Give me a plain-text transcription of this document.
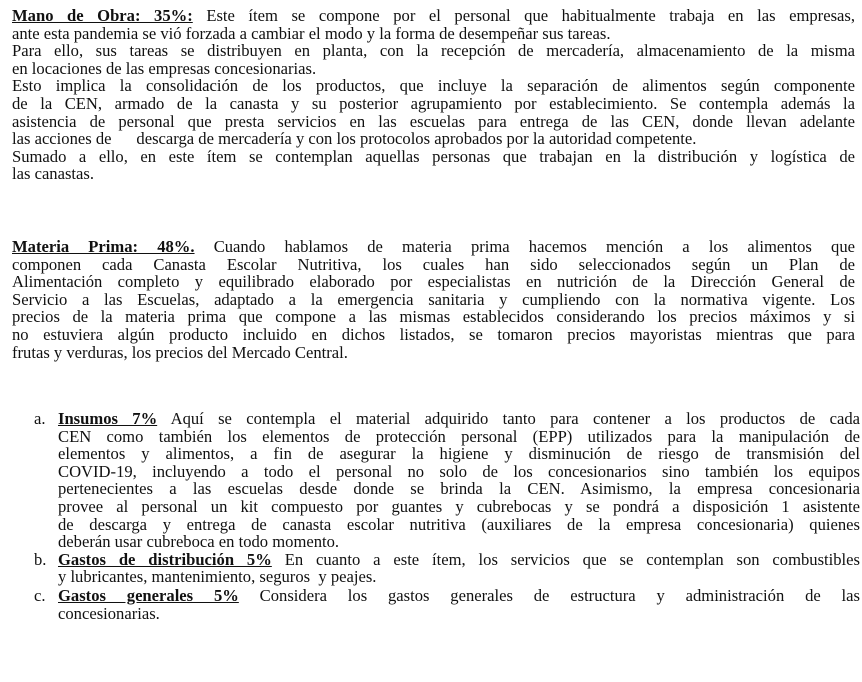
Mano de Obra: 35%: Este ítem se compone por el personal que habitualmente trabaja en las empresas,
ante esta pandemia se vió forzada a cambiar el modo y la forma de desempeñar sus tareas.
Para ello, sus tareas se distribuyen en planta, con la recepción de mercadería, almacenamiento de la misma
en locaciones de las empresas concesionarias.
Esto implica la consolidación de los productos, que incluye la separación de alimentos según componente
de la CEN, armado de la canasta y su posterior agrupamiento por establecimiento. Se contempla además la
asistencia de personal que presta servicios en las escuelas para entrega de las CEN, donde llevan adelante
las acciones de      descarga de mercadería y con los protocolos aprobados por la autoridad competente.
Sumado a ello, en este ítem se contemplan aquellas personas que trabajan en la distribución y logística de
las canastas.
Materia Prima: 48%. Cuando hablamos de materia prima hacemos mención a los alimentos que
componen cada Canasta Escolar Nutritiva, los cuales han sido seleccionados según un Plan de
Alimentación completo y equilibrado elaborado por especialistas en nutrición de la Dirección General de
Servicio a las Escuelas, adaptado a la emergencia sanitaria y cumpliendo con la normativa vigente. Los
precios de la materia prima que compone a las mismas establecidos considerando los precios máximos y si
no estuviera algún producto incluido en dichos listados, se tomaron precios mayoristas mientras que para
frutas y verduras, los precios del Mercado Central.
a. Insumos 7% Aquí se contempla el material adquirido tanto para contener a los productos de cada
CEN como también los elementos de protección personal (EPP) utilizados para la manipulación de
elementos y alimentos, a fin de asegurar la higiene y disminución de riesgo de transmisión del
COVID-19, incluyendo a todo el personal no solo de los concesionarios sino también los equipos
pertenecientes a las escuelas desde donde se brinda la CEN. Asimismo, la empresa concesionaria
provee al personal un kit compuesto por guantes y cubrebocas y se pondrá a disposición 1 asistente
de descarga y entrega de canasta escolar nutritiva (auxiliares de la empresa concesionaria) quienes
deberán usar cubreboca en todo momento.
b. Gastos de distribución 5% En cuanto a este ítem, los servicios que se contemplan son combustibles
y lubricantes, mantenimiento, seguros  y peajes.
c. Gastos generales 5% Considera los gastos generales de estructura y administración de las
concesionarias.
